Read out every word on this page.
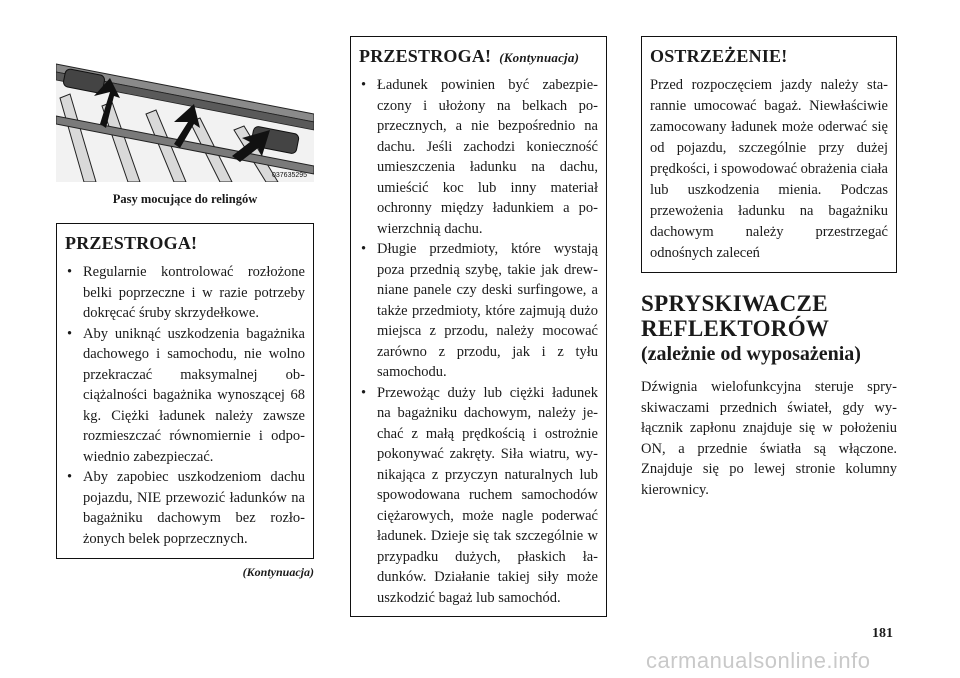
037635295
Pasy mocujące do relingów
PRZESTROGA!
• Regularnie kontrolować rozłożone belki poprzeczne i w razie potrzeby dokręcać śruby skrzydełkowe.
• Aby uniknąć uszkodzenia bagażnika dachowego i samochodu, nie wolno przekraczać maksymalnej obciążalności bagażnika wynoszącej 68 kg. Ciężki ładunek należy zawsze rozmieszczać równomiernie i odpowiednio zabezpieczać.
• Aby zapobiec uszkodzeniom dachu pojazdu, NIE przewozić ładunków na bagażniku dachowym bez rozłożonych belek poprzecznych.
(Kontynuacja)
PRZESTROGA! (Kontynuacja)
• Ładunek powinien być zabezpieczony i ułożony na belkach poprzecznych, a nie bezpośrednio na dachu. Jeśli zachodzi konieczność umieszczenia ładunku na dachu, umieścić koc lub inny materiał ochronny między ładunkiem a powierzchnią dachu.
• Długie przedmioty, które wystają poza przednią szybę, takie jak drewniane panele czy deski surfingowe, a także przedmioty, które zajmują dużo miejsca z przodu, należy mocować zarówno z przodu, jak i z tyłu samochodu.
• Przewożąc duży lub ciężki ładunek na bagażniku dachowym, należy jechać z małą prędkością i ostrożnie pokonywać zakręty. Siła wiatru, wynikająca z przyczyn naturalnych lub spowodowana ruchem samochodów ciężarowych, może nagle poderwać ładunek. Dzieje się tak szczególnie w przypadku dużych, płaskich ładunków. Działanie takiej siły może uszkodzić bagaż lub samochód.
OSTRZEŻENIE!

Przed rozpoczęciem jazdy należy starannie umocować bagaż. Niewłaściwie zamocowany ładunek może oderwać się od pojazdu, szczególnie przy dużej prędkości, i spowodować obrażenia ciała lub uszkodzenia mienia. Podczas przewożenia ładunku na bagażniku dachowym należy przestrzegać odnośnych zaleceń

SPRYSKIWACZE
REFLEKTORÓW
(zależnie od wyposażenia)

Dźwignia wielofunkcyjna steruje spryskiwaczami przednich świateł, gdy wyłącznik zapłonu znajduje się w położeniu ON, a przednie światła są włączone. Znajduje się po lewej stronie kolumny kierownicy.

181
carmanualsonline.info
